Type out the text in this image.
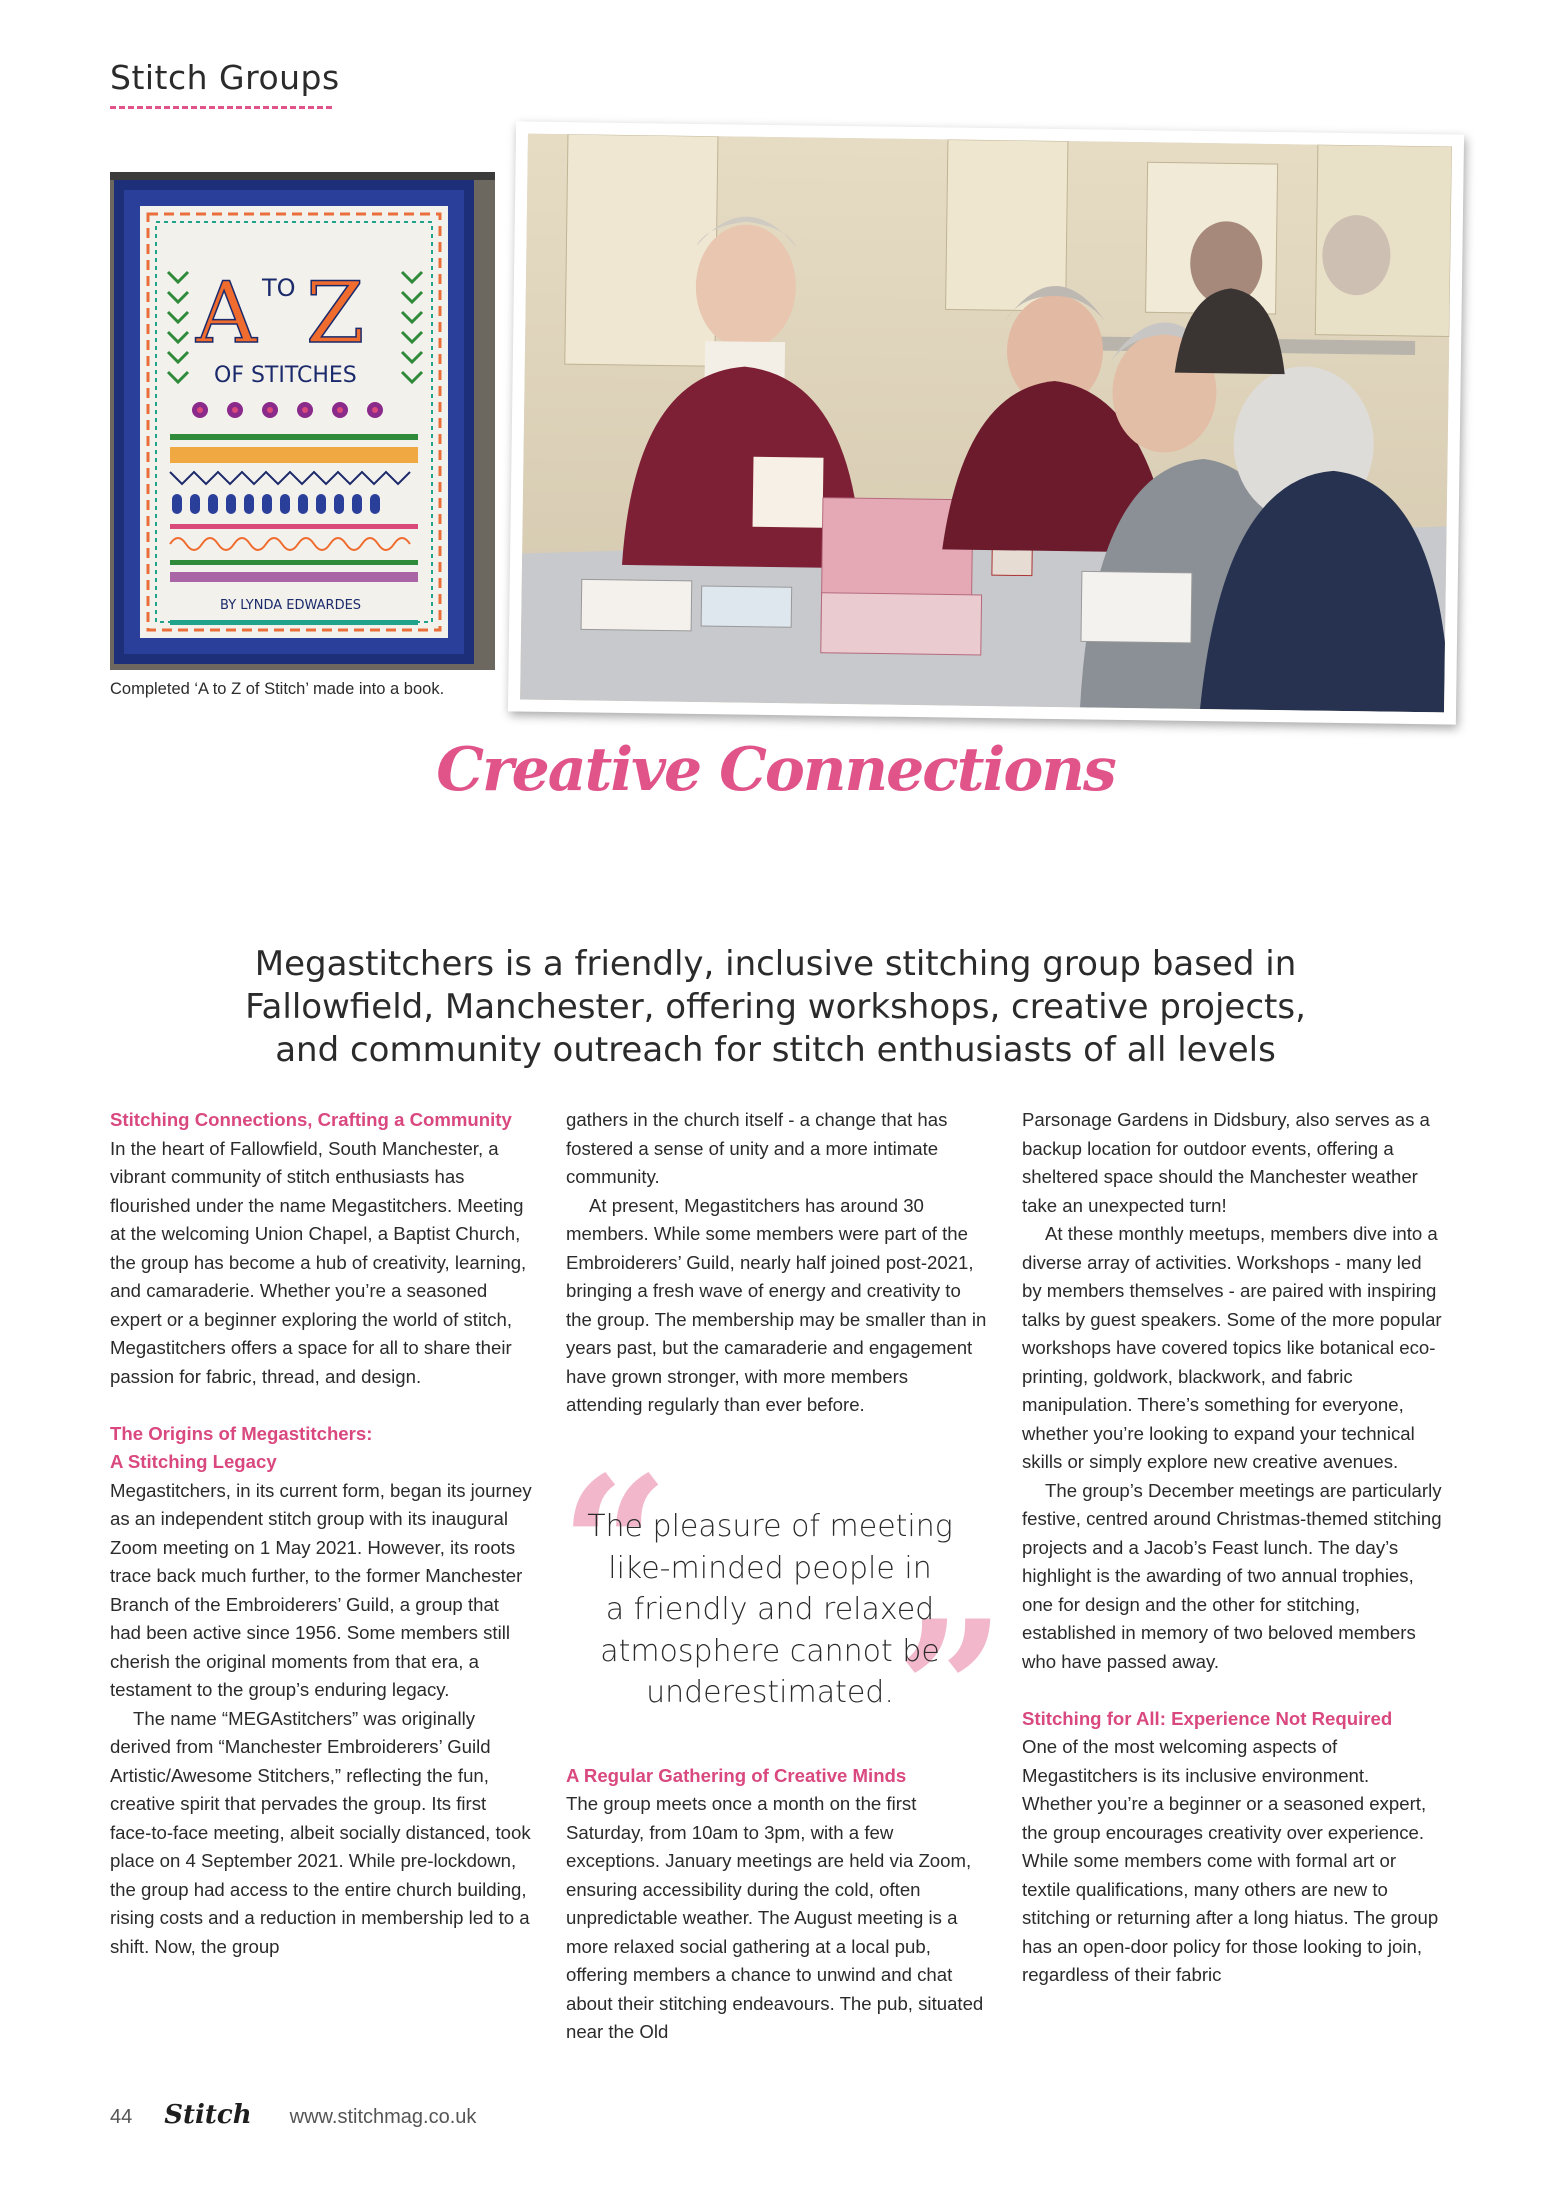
Stitch Groups
A TO Z
OF STITCHES
BY LYNDA EDWARDES
Completed ‘A to Z of Stitch’ made into a book.
Creative Connections
Megastitchers is a friendly, inclusive stitching group based in
Fallowfield, Manchester, offering workshops, creative projects,
and community outreach for stitch enthusiasts of all levels
Stitching Connections, Crafting a Community

In the heart of Fallowfield, South Manchester, a vibrant community of stitch enthusiasts has flourished under the name Megastitchers. Meeting at the welcoming Union Chapel, a Baptist Church, the group has become a hub of creativity, learning, and camaraderie. Whether you’re a seasoned expert or a beginner exploring the world of stitch, Megastitchers offers a space for all to share their passion for fabric, thread, and design.

The Origins of Megastitchers:
A Stitching Legacy

Megastitchers, in its current form, began its journey as an independent stitch group with its inaugural Zoom meeting on 1 May 2021. However, its roots trace back much further, to the former Manchester Branch of the Embroiderers’ Guild, a group that had been active since 1956. Some members still cherish the original moments from that era, a testament to the group’s enduring legacy.

The name “MEGAstitchers” was originally derived from “Manchester Embroiderers’ Guild Artistic/Awesome Stitchers,” reflecting the fun, creative spirit that pervades the group. Its first face-to-face meeting, albeit socially distanced, took place on 4 September 2021. While pre-lockdown, the group had access to the entire church building, rising costs and a reduction in membership led to a shift. Now, the group

gathers in the church itself - a change that has fostered a sense of unity and a more intimate community.

At present, Megastitchers has around 30 members. While some members were part of the Embroiderers’ Guild, nearly half joined post-2021, bringing a fresh wave of energy and creativity to the group. The membership may be smaller than in years past, but the camaraderie and engagement have grown stronger, with more members attending regularly than ever before.

A Regular Gathering of Creative Minds

The group meets once a month on the first Saturday, from 10am to 3pm, with a few exceptions. January meetings are held via Zoom, ensuring accessibility during the cold, often unpredictable weather. The August meeting is a more relaxed social gathering at a local pub, offering members a chance to unwind and chat about their stitching endeavours. The pub, situated near the Old

“
”
The pleasure of meeting
like-minded people in
a friendly and relaxed
atmosphere cannot be
underestimated.

Parsonage Gardens in Didsbury, also serves as a backup location for outdoor events, offering a sheltered space should the Manchester weather take an unexpected turn!

At these monthly meetups, members dive into a diverse array of activities. Workshops - many led by members themselves - are paired with inspiring talks by guest speakers. Some of the more popular workshops have covered topics like botanical eco-printing, goldwork, blackwork, and fabric manipulation. There’s something for everyone, whether you’re looking to expand your technical skills or simply explore new creative avenues.

The group’s December meetings are particularly festive, centred around Christmas-themed stitching projects and a Jacob’s Feast lunch. The day’s highlight is the awarding of two annual trophies, one for design and the other for stitching, established in memory of two beloved members who have passed away.

Stitching for All: Experience Not Required

One of the most welcoming aspects of Megastitchers is its inclusive environment. Whether you’re a beginner or a seasoned expert, the group encourages creativity over experience. While some members come with formal art or textile qualifications, many others are new to stitching or returning after a long hiatus. The group has an open-door policy for those looking to join, regardless of their fabric

44 Stitch www.stitchmag.co.uk
